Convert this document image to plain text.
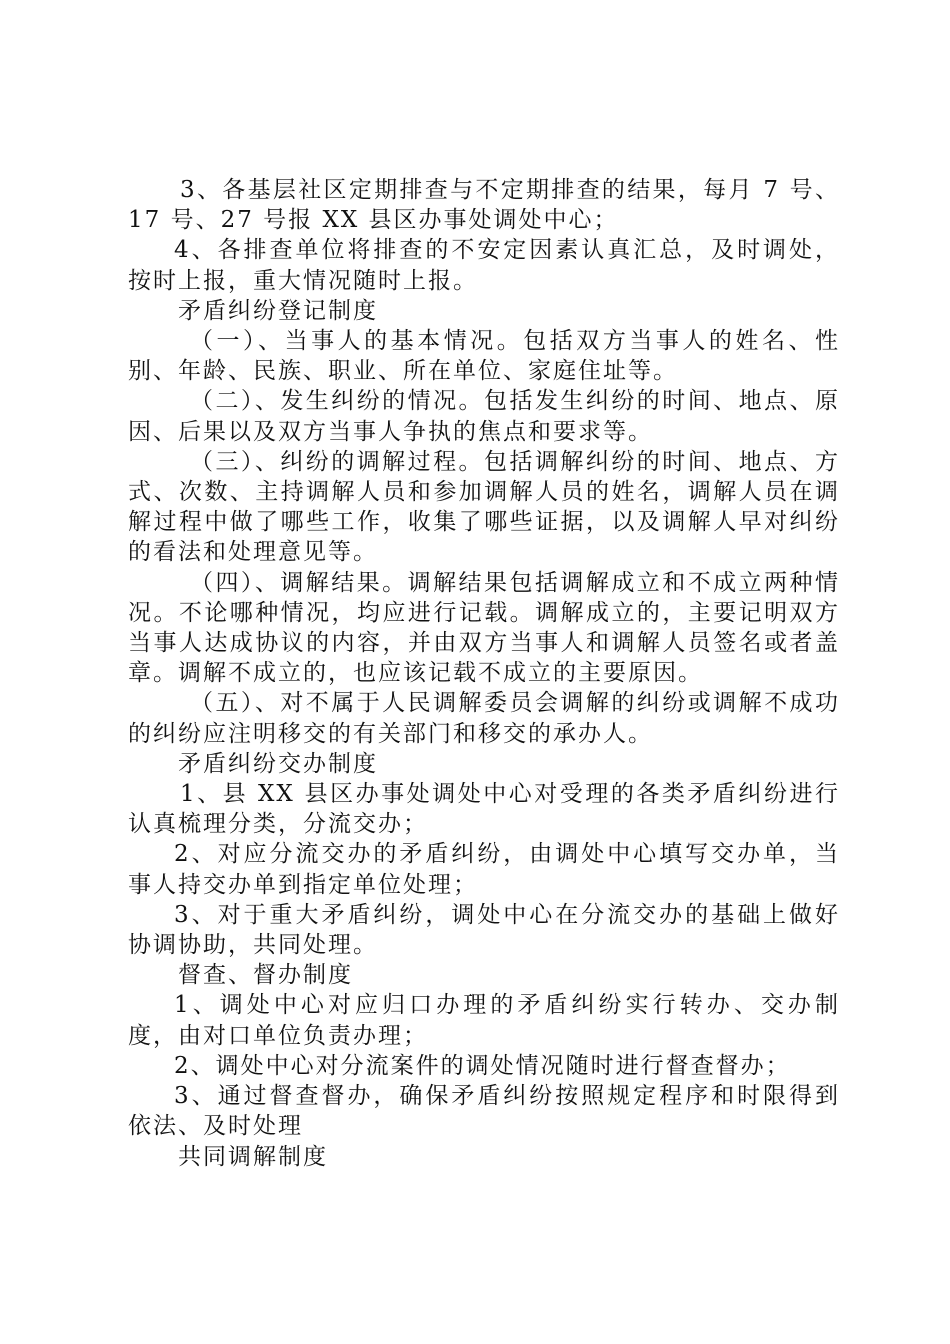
3、各基层社区定期排查与不定期排查的结果，每月 7 号、17 号、27 号报 XX 县区办事处调处中心；

4、各排查单位将排查的不安定因素认真汇总，及时调处，按时上报，重大情况随时上报。

矛盾纠纷登记制度

（一）、当事人的基本情况。包括双方当事人的姓名、性别、年龄、民族、职业、所在单位、家庭住址等。

（二）、发生纠纷的情况。包括发生纠纷的时间、地点、原因、后果以及双方当事人争执的焦点和要求等。

（三）、纠纷的调解过程。包括调解纠纷的时间、地点、方式、次数、主持调解人员和参加调解人员的姓名，调解人员在调解过程中做了哪些工作，收集了哪些证据，以及调解人早对纠纷的看法和处理意见等。

（四）、调解结果。调解结果包括调解成立和不成立两种情况。不论哪种情况，均应进行记载。调解成立的，主要记明双方当事人达成协议的内容，并由双方当事人和调解人员签名或者盖章。调解不成立的，也应该记载不成立的主要原因。

（五）、对不属于人民调解委员会调解的纠纷或调解不成功的纠纷应注明移交的有关部门和移交的承办人。

矛盾纠纷交办制度

1、县 XX 县区办事处调处中心对受理的各类矛盾纠纷进行认真梳理分类，分流交办；

2、对应分流交办的矛盾纠纷，由调处中心填写交办单，当事人持交办单到指定单位处理；

3、对于重大矛盾纠纷，调处中心在分流交办的基础上做好协调协助，共同处理。

督查、督办制度

1、调处中心对应归口办理的矛盾纠纷实行转办、交办制度，由对口单位负责办理；

2、调处中心对分流案件的调处情况随时进行督查督办；

3、通过督查督办，确保矛盾纠纷按照规定程序和时限得到依法、及时处理

共同调解制度
